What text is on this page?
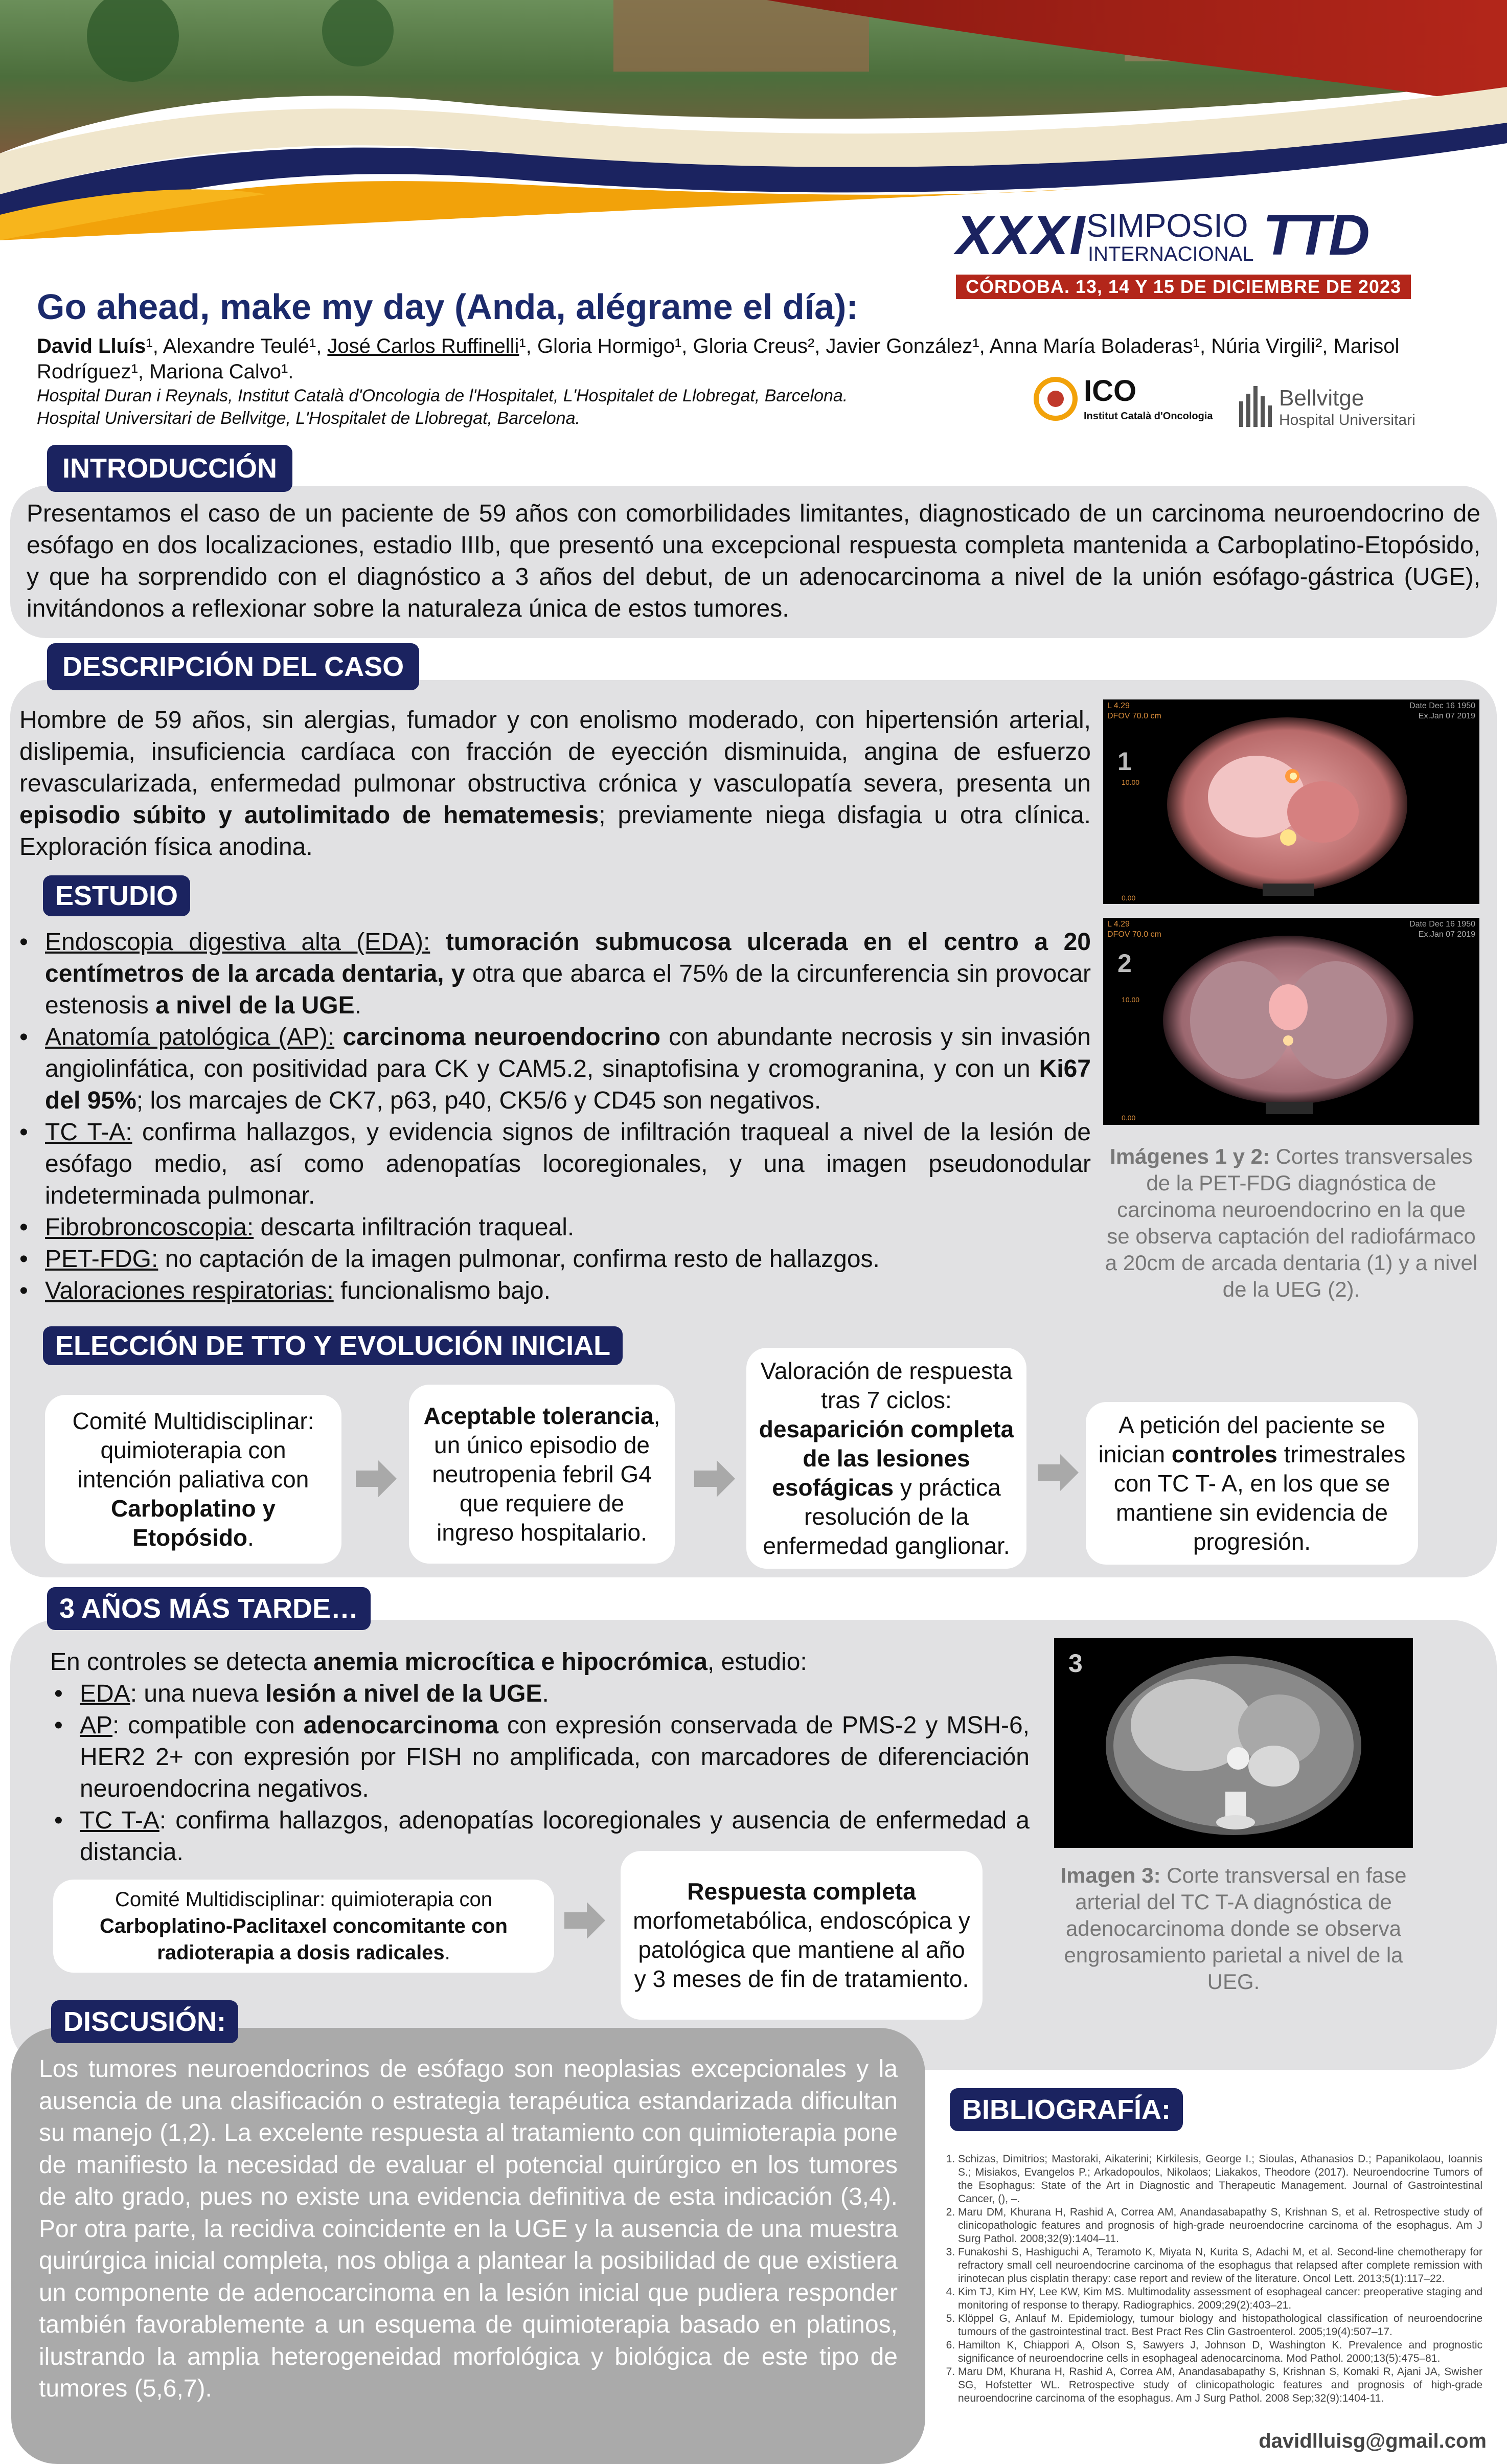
XXXI SIMPOSIO
INTERNACIONAL TTD
CÓRDOBA. 13, 14 Y 15 DE DICIEMBRE DE 2023
Go ahead, make my day (Anda, alégrame el día):
David Lluís¹, Alexandre Teulé¹, José Carlos Ruffinelli¹, Gloria Hormigo¹, Gloria Creus², Javier González¹, Anna María Boladeras¹, Núria Virgili², Marisol Rodríguez¹, Mariona Calvo¹.
Hospital Duran i Reynals, Institut Català d'Oncologia de l'Hospitalet, L'Hospitalet de Llobregat, Barcelona.
Hospital Universitari de Bellvitge, L'Hospitalet de Llobregat, Barcelona.
ICO
Institut Català d'Oncologia
Bellvitge
Hospital Universitari
INTRODUCCIÓN
Presentamos el caso de un paciente de 59 años con comorbilidades limitantes, diagnosticado de un carcinoma neuroendocrino de esófago en dos localizaciones, estadio IIIb, que presentó una excepcional respuesta completa mantenida a Carboplatino-Etopósido, y que ha sorprendido con el diagnóstico a 3 años del debut, de un adenocarcinoma a nivel de la unión esófago-gástrica (UGE), invitándonos a reflexionar sobre la naturaleza única de estos tumores.
DESCRIPCIÓN DEL CASO
Hombre de 59 años, sin alergias, fumador y con enolismo moderado, con hipertensión arterial, dislipemia, insuficiencia cardíaca con fracción de eyección disminuida, angina de esfuerzo revascularizada, enfermedad pulmonar obstructiva crónica y vasculopatía severa, presenta un episodio súbito y autolimitado de hematemesis; previamente niega disfagia u otra clínica. Exploración física anodina.
ESTUDIO
• Endoscopia digestiva alta (EDA): tumoración submucosa ulcerada en el centro a 20 centímetros de la arcada dentaria, y otra que abarca el 75% de la circunferencia sin provocar estenosis a nivel de la UGE.
• Anatomía patológica (AP): carcinoma neuroendocrino con abundante necrosis y sin invasión angiolinfática, con positividad para CK y CAM5.2, sinaptofisina y cromogranina, y con un Ki67 del 95%; los marcajes de CK7, p63, p40, CK5/6 y CD45 son negativos.
• TC T-A: confirma hallazgos, y evidencia signos de infiltración traqueal a nivel de la lesión de esófago medio, así como adenopatías locoregionales, y una imagen pseudonodular indeterminada pulmonar.
• Fibrobroncoscopia: descarta infiltración traqueal.
• PET-FDG: no captación de la imagen pulmonar, confirma resto de hallazgos.
• Valoraciones respiratorias: funcionalismo bajo.
1
L 4.29
DFOV 70.0 cm
Date Dec 16 1950
Ex.Jan 07 2019
10.00
0.00
2
L 4.29
DFOV 70.0 cm
Date Dec 16 1950
Ex.Jan 07 2019
10.00
0.00
Imágenes 1 y 2: Cortes transversales de la PET-FDG diagnóstica de carcinoma neuroendocrino en la que se observa captación del radiofármaco a 20cm de arcada dentaria (1) y a nivel de la UEG (2).
ELECCIÓN DE TTO Y EVOLUCIÓN INICIAL
Comité Multidisciplinar: quimioterapia con intención paliativa con Carboplatino y Etopósido.
Aceptable tolerancia, un único episodio de neutropenia febril G4 que requiere de ingreso hospitalario.
Valoración de respuesta tras 7 ciclos: desaparición completa de las lesiones esofágicas y práctica resolución de la enfermedad ganglionar.
A petición del paciente se inician controles trimestrales con TC T- A, en los que se mantiene sin evidencia de progresión.
3 AÑOS MÁS TARDE…
En controles se detecta anemia microcítica e hipocrómica, estudio:
• EDA: una nueva lesión a nivel de la UGE.
• AP: compatible con adenocarcinoma con expresión conservada de PMS-2 y MSH-6, HER2 2+ con expresión por FISH no amplificada, con marcadores de diferenciación neuroendocrina negativos.
• TC T-A: confirma hallazgos, adenopatías locoregionales y ausencia de enfermedad a distancia.
Comité Multidisciplinar: quimioterapia con Carboplatino-Paclitaxel concomitante con radioterapia a dosis radicales.
Respuesta completa morfometabólica, endoscópica y patológica que mantiene al año y 3 meses de fin de tratamiento.
3
Imagen 3: Corte transversal en fase arterial del TC T-A diagnóstica de adenocarcinoma donde se observa engrosamiento parietal a nivel de la UEG.
DISCUSIÓN:
Los tumores neuroendocrinos de esófago son neoplasias excepcionales y la ausencia de una clasificación o estrategia terapéutica estandarizada dificultan su manejo (1,2). La excelente respuesta al tratamiento con quimioterapia pone de manifiesto la necesidad de evaluar el potencial quirúrgico en los tumores de alto grado, pues no existe una evidencia definitiva de esta indicación (3,4). Por otra parte, la recidiva coincidente en la UGE y la ausencia de una muestra quirúrgica inicial completa, nos obliga a plantear la posibilidad de que existiera un componente de adenocarcinoma en la lesión inicial que pudiera responder también favorablemente a un esquema de quimioterapia basado en platinos, ilustrando la amplia heterogeneidad morfológica y biológica de este tipo de tumores (5,6,7).
BIBLIOGRAFÍA:
1. Schizas, Dimitrios; Mastoraki, Aikaterini; Kirkilesis, George I.; Sioulas, Athanasios D.; Papanikolaou, Ioannis S.; Misiakos, Evangelos P.; Arkadopoulos, Nikolaos; Liakakos, Theodore (2017). Neuroendocrine Tumors of the Esophagus: State of the Art in Diagnostic and Therapeutic Management. Journal of Gastrointestinal Cancer, (), –.
2. Maru DM, Khurana H, Rashid A, Correa AM, Anandasabapathy S, Krishnan S, et al. Retrospective study of clinicopathologic features and prognosis of high-grade neuroendocrine carcinoma of the esophagus. Am J Surg Pathol. 2008;32(9):1404–11.
3. Funakoshi S, Hashiguchi A, Teramoto K, Miyata N, Kurita S, Adachi M, et al. Second-line chemotherapy for refractory small cell neuroendocrine carcinoma of the esophagus that relapsed after complete remission with irinotecan plus cisplatin therapy: case report and review of the literature. Oncol Lett. 2013;5(1):117–22.
4. Kim TJ, Kim HY, Lee KW, Kim MS. Multimodality assessment of esophageal cancer: preoperative staging and monitoring of response to therapy. Radiographics. 2009;29(2):403–21.
5. Klöppel G, Anlauf M. Epidemiology, tumour biology and histopathological classification of neuroendocrine tumours of the gastrointestinal tract. Best Pract Res Clin Gastroenterol. 2005;19(4):507–17.
6. Hamilton K, Chiappori A, Olson S, Sawyers J, Johnson D, Washington K. Prevalence and prognostic significance of neuroendocrine cells in esophageal adenocarcinoma. Mod Pathol. 2000;13(5):475–81.
7. Maru DM, Khurana H, Rashid A, Correa AM, Anandasabapathy S, Krishnan S, Komaki R, Ajani JA, Swisher SG, Hofstetter WL. Retrospective study of clinicopathologic features and prognosis of high-grade neuroendocrine carcinoma of the esophagus. Am J Surg Pathol. 2008 Sep;32(9):1404-11.
davidlluisg@gmail.com
